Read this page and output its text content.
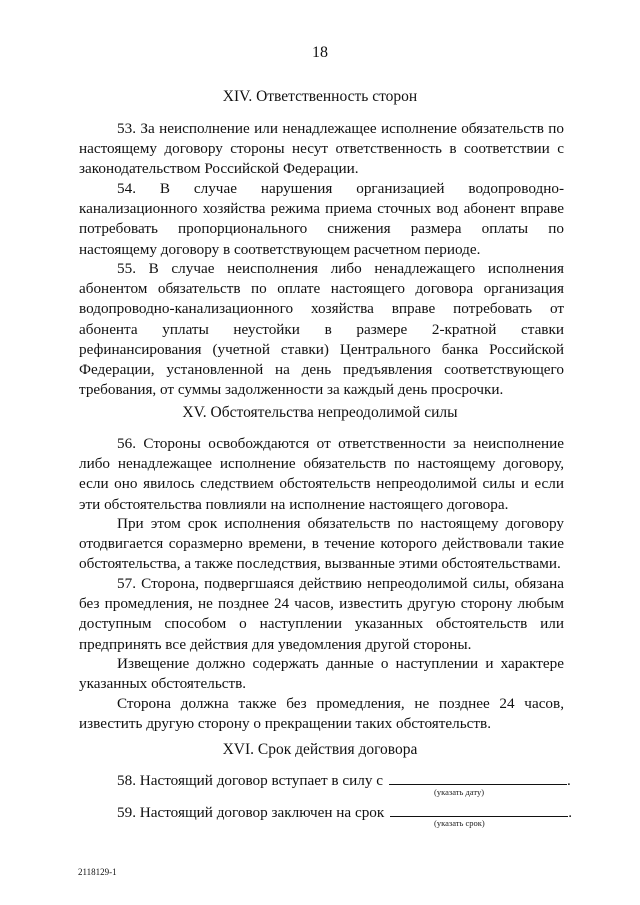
18
XIV. Ответственность сторон
53. За неисполнение или ненадлежащее исполнение обязательств по настоящему договору стороны несут ответственность в соответствии с законодательством Российской Федерации.
54. В случае нарушения организацией водопроводно-канализационного хозяйства режима приема сточных вод абонент вправе потребовать пропорционального снижения размера оплаты по настоящему договору в соответствующем расчетном периоде.
55. В случае неисполнения либо ненадлежащего исполнения абонентом обязательств по оплате настоящего договора организация водопроводно-канализационного хозяйства вправе потребовать от абонента уплаты неустойки в размере 2-кратной ставки рефинансирования (учетной ставки) Центрального банка Российской Федерации, установленной на день предъявления соответствующего требования, от суммы задолженности за каждый день просрочки.
XV. Обстоятельства непреодолимой силы
56. Стороны освобождаются от ответственности за неисполнение либо ненадлежащее исполнение обязательств по настоящему договору, если оно явилось следствием обстоятельств непреодолимой силы и если эти обстоятельства повлияли на исполнение настоящего договора.
При этом срок исполнения обязательств по настоящему договору отодвигается соразмерно времени, в течение которого действовали такие обстоятельства, а также последствия, вызванные этими обстоятельствами.
57. Сторона, подвергшаяся действию непреодолимой силы, обязана без промедления, не позднее 24 часов, известить другую сторону любым доступным способом о наступлении указанных обстоятельств или предпринять все действия для уведомления другой стороны.
Извещение должно содержать данные о наступлении и характере указанных обстоятельств.
Сторона должна также без промедления, не позднее 24 часов, известить другую сторону о прекращении таких обстоятельств.
XVI. Срок действия договора
58. Настоящий договор вступает в силу с	.
(указать дату)
59. Настоящий договор заключен на срок	.
(указать срок)
2118129-1
